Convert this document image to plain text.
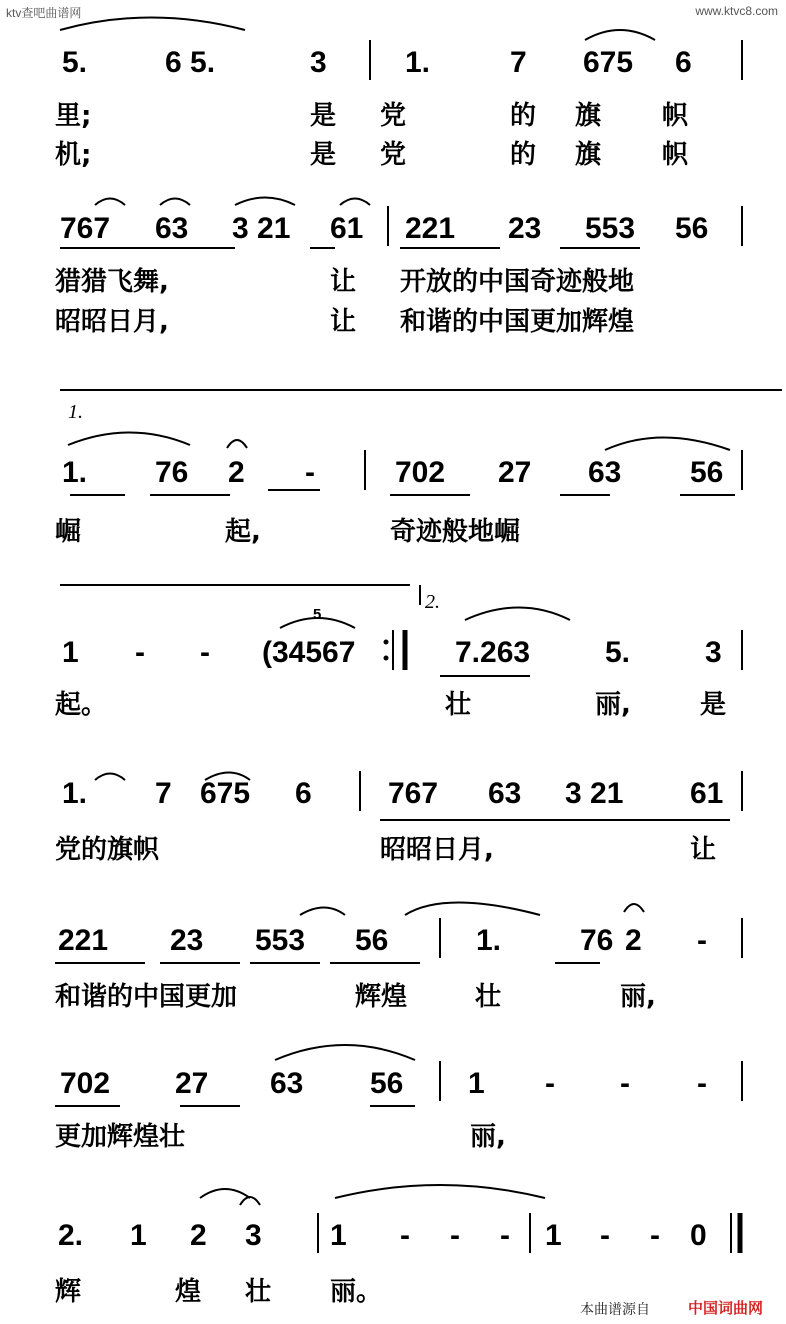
ktv查吧曲谱网	www.ktvc8.com
5.	6 5.	3	1.	7 675 6
767 63 3 21 61 221 23 553 56
1. 76 2 -	702 27 63 56
1 - - (34567	7.263 5. 3
1. 7 675 6	767 63 3 21 61
221 23 553 56	1.	76 2 -
702 27 63 56 1 - - -
2. 1 2 3 1 - - - 1 - - 0
里;	是 党	的 旗 帜
机;	是 党	的 旗 帜
猎猎飞舞,	让 开放的中国奇迹般地
昭昭日月,	让 和谐的中国更加辉煌
崛	起,	奇迹般地崛
起。	壮	丽,	是
党的旗帜	昭昭日月,	让
和谐的中国更加	辉煌	壮	丽,
更加辉煌壮	丽,
辉	煌 壮 丽。
1.
2.
5
本曲谱源自	中国词曲网
